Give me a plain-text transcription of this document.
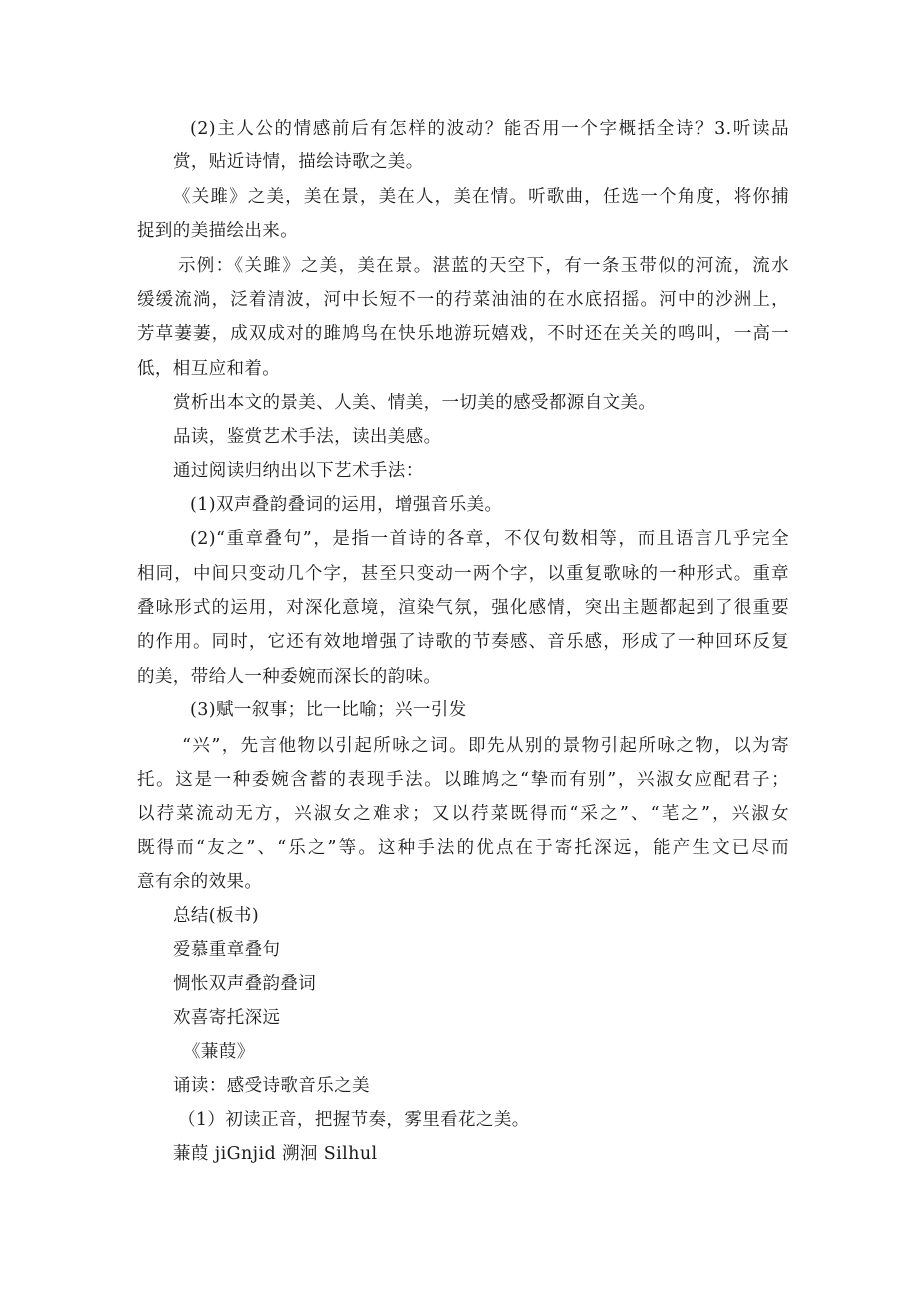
(2)主人公的情感前后有怎样的波动？能否用一个字概括全诗？3.听读品
赏，贴近诗情，描绘诗歌之美。
《关雎》之美，美在景，美在人，美在情。听歌曲，任选一个角度，将你捕
捉到的美描绘出来。
示例：《关雎》之美，美在景。湛蓝的天空下，有一条玉带似的河流，流水
缓缓流淌，泛着清波，河中长短不一的荇菜油油的在水底招摇。河中的沙洲上，
芳草萋萋，成双成对的雎鸠鸟在快乐地游玩嬉戏，不时还在关关的鸣叫，一高一
低，相互应和着。
赏析出本文的景美、人美、情美，一切美的感受都源自文美。
品读，鉴赏艺术手法，读出美感。
通过阅读归纳出以下艺术手法：
(1)双声叠韵叠词的运用，增强音乐美。
(2)“重章叠句”，是指一首诗的各章，不仅句数相等，而且语言几乎完全
相同，中间只变动几个字，甚至只变动一两个字，以重复歌咏的一种形式。重章
叠咏形式的运用，对深化意境，渲染气氛，强化感情，突出主题都起到了很重要
的作用。同时，它还有效地增强了诗歌的节奏感、音乐感，形成了一种回环反复
的美，带给人一种委婉而深长的韵味。
(3)赋一叙事；比一比喻；兴一引发
“兴”，先言他物以引起所咏之词。即先从别的景物引起所咏之物，以为寄
托。这是一种委婉含蓄的表现手法。以雎鸠之“挚而有别”，兴淑女应配君子；
以荇菜流动无方，兴淑女之难求；又以荇菜既得而“采之”、“芼之”，兴淑女
既得而“友之”、“乐之”等。这种手法的优点在于寄托深远，能产生文已尽而
意有余的效果。
总结(板书)
爱慕重章叠句
惆怅双声叠韵叠词
欢喜寄托深远
《蒹葭》
诵读：感受诗歌音乐之美
（1）初读正音，把握节奏，雾里看花之美。
蒹葭 jiGnjid 溯洄 Silhul
